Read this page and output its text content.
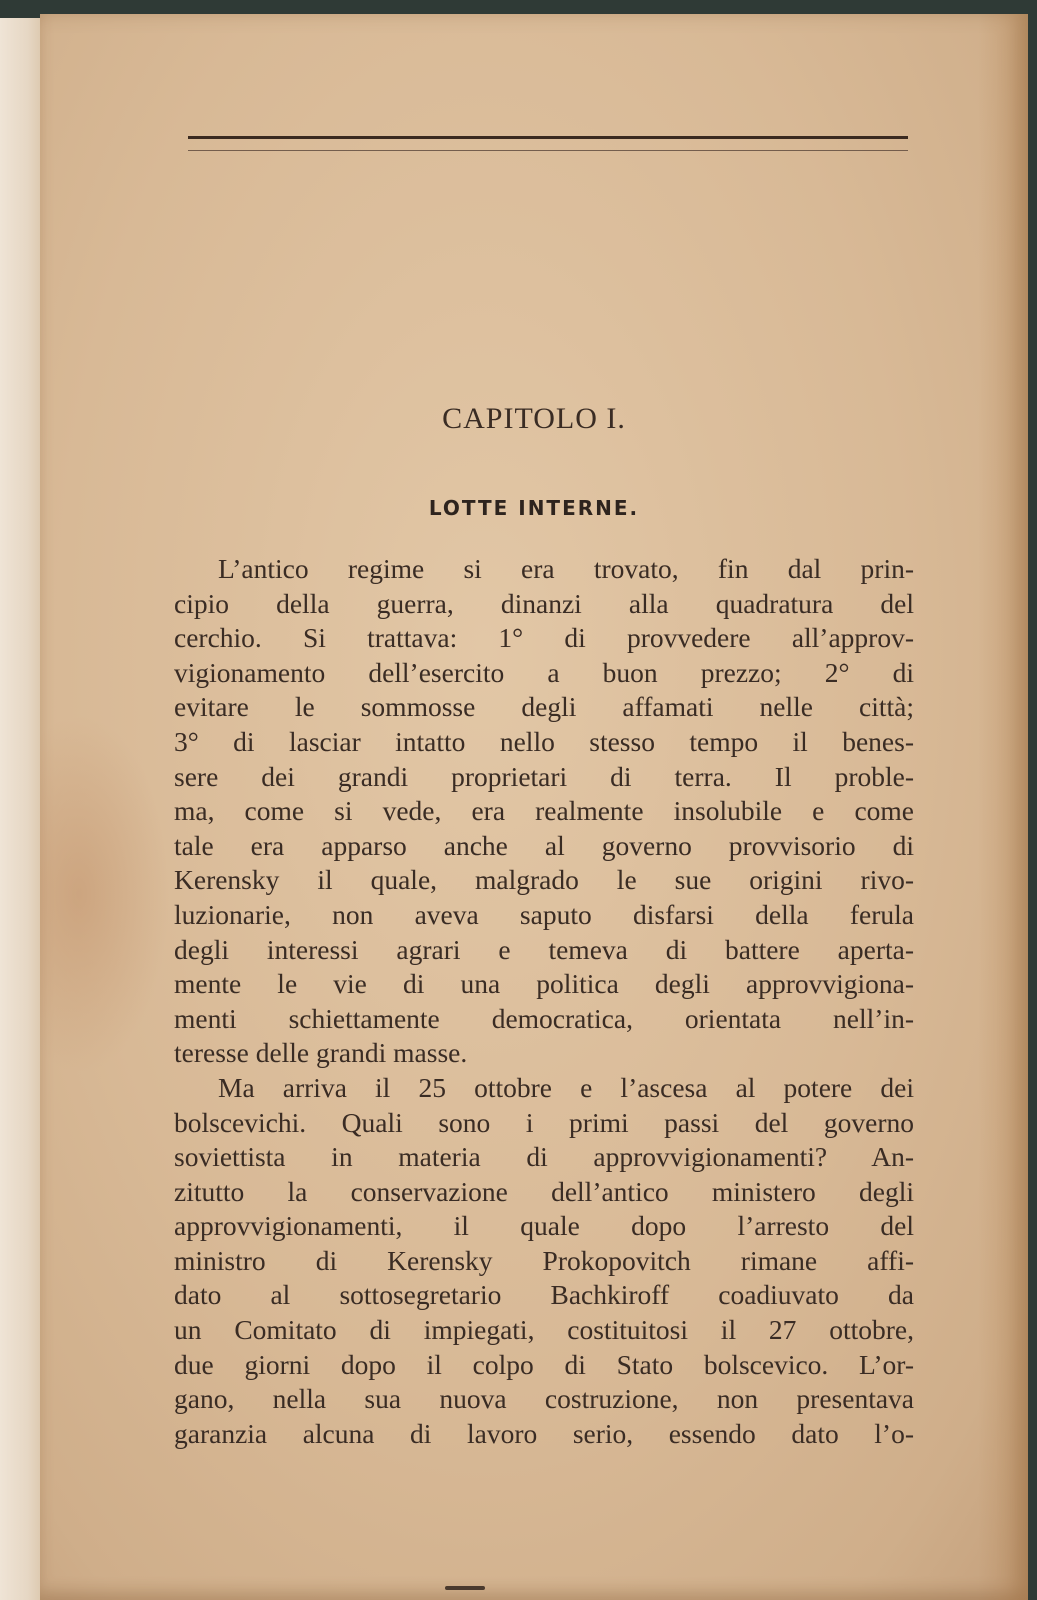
CAPITOLO I.
LOTTE INTERNE.
L’antico regime si era trovato, fin dal prin-
cipio della guerra, dinanzi alla quadratura del
cerchio. Si trattava: 1° di provvedere all’approv-
vigionamento dell’esercito a buon prezzo; 2° di
evitare le sommosse degli affamati nelle città;
3° di lasciar intatto nello stesso tempo il benes-
sere dei grandi proprietari di terra. Il proble-
ma, come si vede, era realmente insolubile e come
tale era apparso anche al governo provvisorio di
Kerensky il quale, malgrado le sue origini rivo-
luzionarie, non aveva saputo disfarsi della ferula
degli interessi agrari e temeva di battere aperta-
mente le vie di una politica degli approvvigiona-
menti schiettamente democratica, orientata nell’in-
teresse delle grandi masse.
Ma arriva il 25 ottobre e l’ascesa al potere dei
bolscevichi. Quali sono i primi passi del governo
soviettista in materia di approvvigionamenti? An-
zitutto la conservazione dell’antico ministero degli
approvvigionamenti, il quale dopo l’arresto del
ministro di Kerensky Prokopovitch rimane affi-
dato al sottosegretario Bachkiroff coadiuvato da
un Comitato di impiegati, costituitosi il 27 ottobre,
due giorni dopo il colpo di Stato bolscevico. L’or-
gano, nella sua nuova costruzione, non presentava
garanzia alcuna di lavoro serio, essendo dato l’o-
